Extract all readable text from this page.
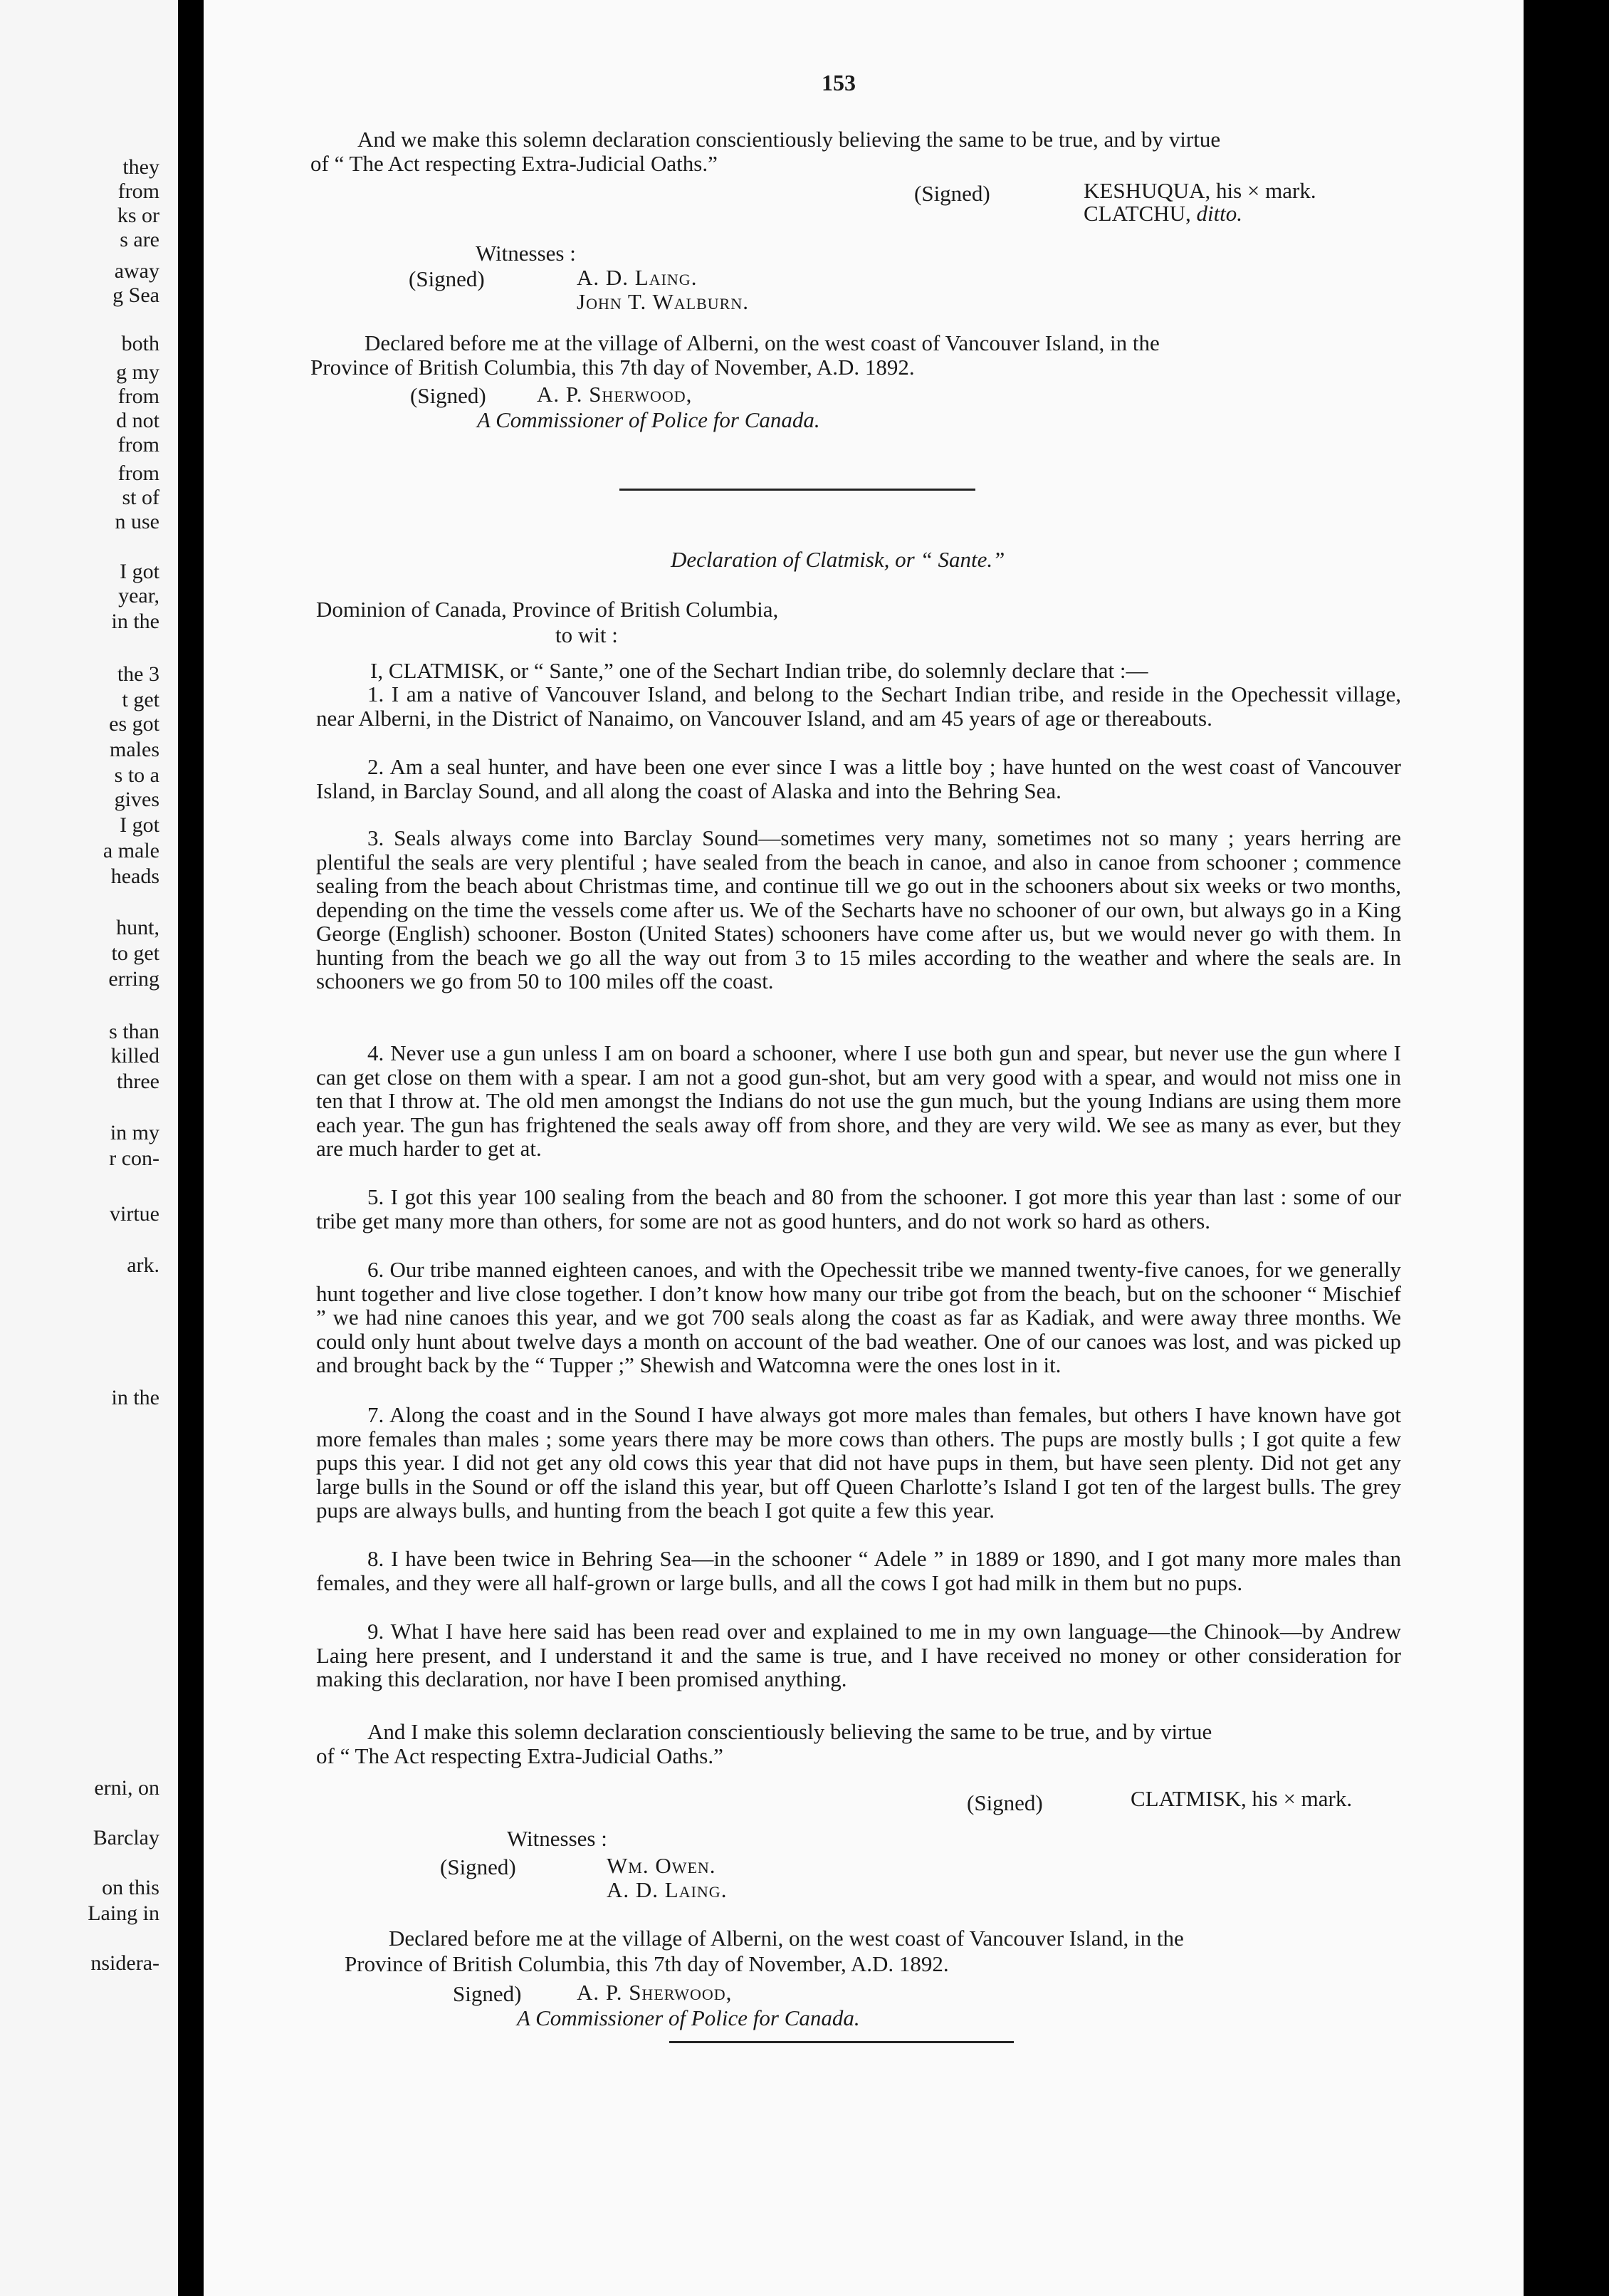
they
from
ks or
s are
away
g Sea
both
g my
from
d not
from
from
st of
n use
I got
year,
in the
the 3
t get
es got
males
s to a
gives
I got
a male
heads
hunt,
to get
erring
s than
killed
three
in my
r con-
virtue
ark.
in the
erni, on
Barclay
on this
Laing in
nsidera-
153
And we make this solemn declaration conscientiously believing the same to be true, and by virtue
of “ The Act respecting Extra-Judicial Oaths.”
(Signed)	KESHUQUA, his × mark.
CLATCHU, ditto.
Witnesses :
(Signed)	A. D. Laing.
John T. Walburn.
Declared before me at the village of Alberni, on the west coast of Vancouver Island, in the
Province of British Columbia, this 7th day of November, A.D. 1892.
(Signed) A. P. Sherwood,
A Commissioner of Police for Canada.
Declaration of Clatmisk, or “ Sante.”
Dominion of Canada, Province of British Columbia,
to wit :
I, CLATMISK, or “ Sante,” one of the Sechart Indian tribe, do solemnly declare that :—
1. I am a native of Vancouver Island, and belong to the Sechart Indian tribe, and reside in the Opechessit village, near Alberni, in the District of Nanaimo, on Vancouver Island, and am 45 years of age or thereabouts.
2. Am a seal hunter, and have been one ever since I was a little boy ; have hunted on the west coast of Vancouver Island, in Barclay Sound, and all along the coast of Alaska and into the Behring Sea.
3. Seals always come into Barclay Sound—sometimes very many, sometimes not so many ; years herring are plentiful the seals are very plentiful ; have sealed from the beach in canoe, and also in canoe from schooner ; commence sealing from the beach about Christmas time, and continue till we go out in the schooners about six weeks or two months, depending on the time the vessels come after us. We of the Secharts have no schooner of our own, but always go in a King George (English) schooner. Boston (United States) schooners have come after us, but we would never go with them. In hunting from the beach we go all the way out from 3 to 15 miles according to the weather and where the seals are. In schooners we go from 50 to 100 miles off the coast.
4. Never use a gun unless I am on board a schooner, where I use both gun and spear, but never use the gun where I can get close on them with a spear. I am not a good gun-shot, but am very good with a spear, and would not miss one in ten that I throw at. The old men amongst the Indians do not use the gun much, but the young Indians are using them more each year. The gun has frightened the seals away off from shore, and they are very wild. We see as many as ever, but they are much harder to get at.
5. I got this year 100 sealing from the beach and 80 from the schooner. I got more this year than last : some of our tribe get many more than others, for some are not as good hunters, and do not work so hard as others.
6. Our tribe manned eighteen canoes, and with the Opechessit tribe we manned twenty-five canoes, for we generally hunt together and live close together. I don’t know how many our tribe got from the beach, but on the schooner “ Mischief ” we had nine canoes this year, and we got 700 seals along the coast as far as Kadiak, and were away three months. We could only hunt about twelve days a month on account of the bad weather. One of our canoes was lost, and was picked up and brought back by the “ Tupper ;” Shewish and Watcomna were the ones lost in it.
7. Along the coast and in the Sound I have always got more males than females, but others I have known have got more females than males ; some years there may be more cows than others. The pups are mostly bulls ; I got quite a few pups this year. I did not get any old cows this year that did not have pups in them, but have seen plenty. Did not get any large bulls in the Sound or off the island this year, but off Queen Charlotte’s Island I got ten of the largest bulls. The grey pups are always bulls, and hunting from the beach I got quite a few this year.
8. I have been twice in Behring Sea—in the schooner “ Adele ” in 1889 or 1890, and I got many more males than females, and they were all half-grown or large bulls, and all the cows I got had milk in them but no pups.
9. What I have here said has been read over and explained to me in my own language—the Chinook—by Andrew Laing here present, and I understand it and the same is true, and I have received no money or other consideration for making this declaration, nor have I been promised anything.
And I make this solemn declaration conscientiously believing the same to be true, and by virtue
of “ The Act respecting Extra-Judicial Oaths.”
(Signed)	CLATMISK, his × mark.
Witnesses :
(Signed)	Wm. Owen.
A. D. Laing.
Declared before me at the village of Alberni, on the west coast of Vancouver Island, in the
Province of British Columbia, this 7th day of November, A.D. 1892.
Signed)	A. P. Sherwood,
A Commissioner of Police for Canada.
